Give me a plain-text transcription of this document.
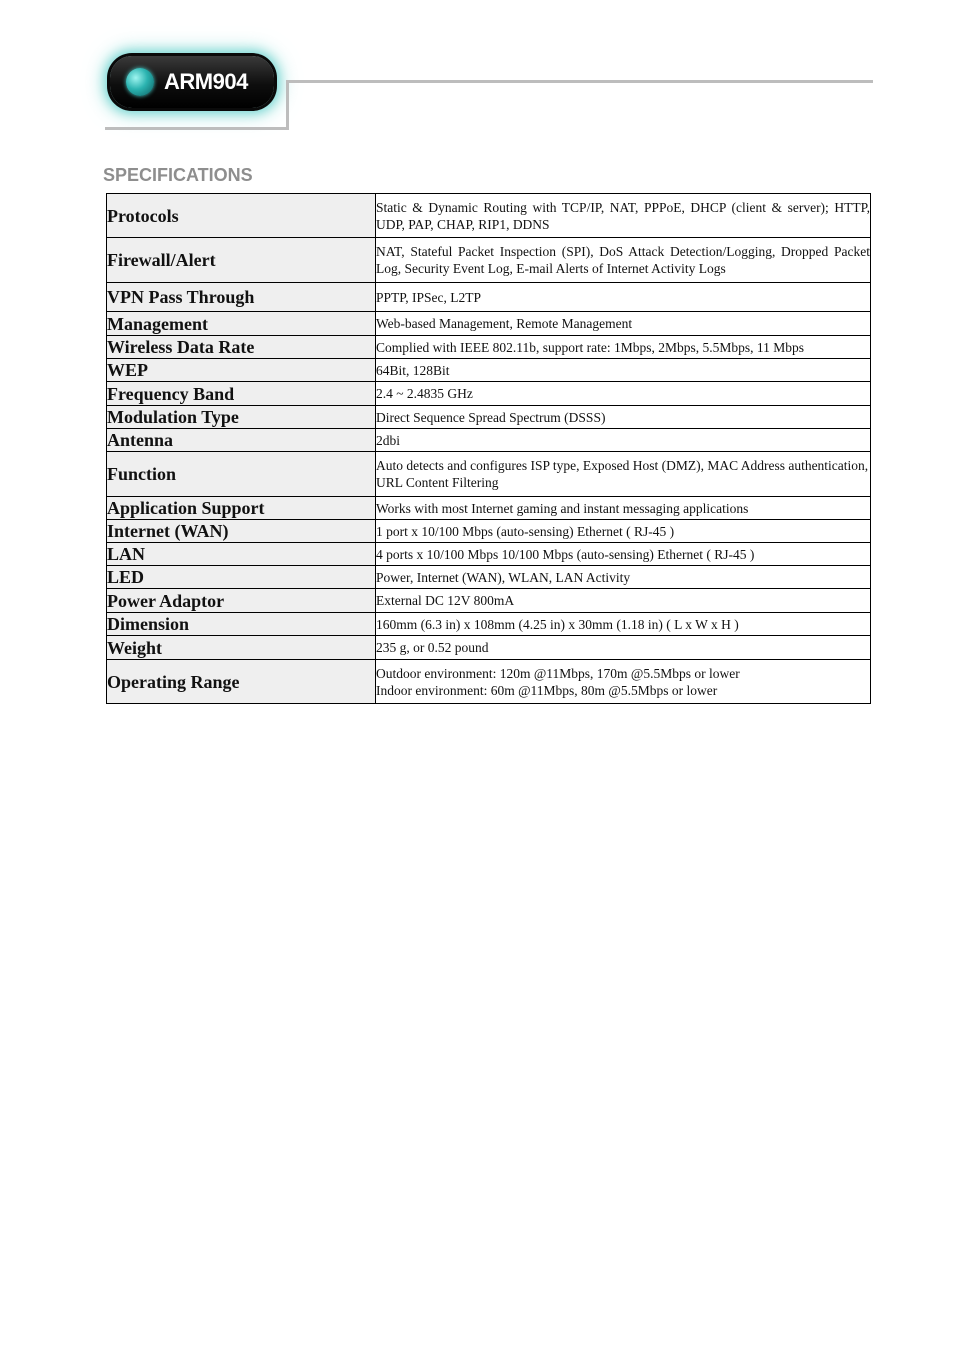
ARM904
SPECIFICATIONS
Protocols	Static & Dynamic Routing with TCP/IP, NAT, PPPoE, DHCP (client & server); HTTP, UDP, PAP, CHAP, RIP1, DDNS
Firewall/Alert	NAT, Stateful Packet Inspection (SPI), DoS Attack Detection/Logging, Dropped Packet Log, Security Event Log, E-mail Alerts of Internet Activity Logs
VPN Pass Through	PPTP, IPSec, L2TP
Management	Web-based Management, Remote Management
Wireless Data Rate	Complied with IEEE 802.11b, support rate: 1Mbps, 2Mbps, 5.5Mbps, 11 Mbps
WEP	64Bit, 128Bit
Frequency Band	2.4 ~ 2.4835 GHz
Modulation Type	Direct Sequence Spread Spectrum (DSSS)
Antenna	2dbi
Function	Auto detects and configures ISP type, Exposed Host (DMZ), MAC Address authentication, URL Content Filtering
Application Support	Works with most Internet gaming and instant messaging applications
Internet (WAN)	1 port x 10/100 Mbps (auto-sensing) Ethernet ( RJ-45 )
LAN	4 ports x 10/100 Mbps 10/100 Mbps (auto-sensing) Ethernet ( RJ-45 )
LED	Power, Internet (WAN), WLAN, LAN Activity
Power Adaptor	External DC 12V 800mA
Dimension	160mm (6.3 in) x 108mm (4.25 in) x 30mm (1.18 in) ( L x W x H )
Weight	235 g, or 0.52 pound
Operating Range	Outdoor environment: 120m @11Mbps, 170m @5.5Mbps or lower
Indoor environment: 60m @11Mbps, 80m @5.5Mbps or lower
